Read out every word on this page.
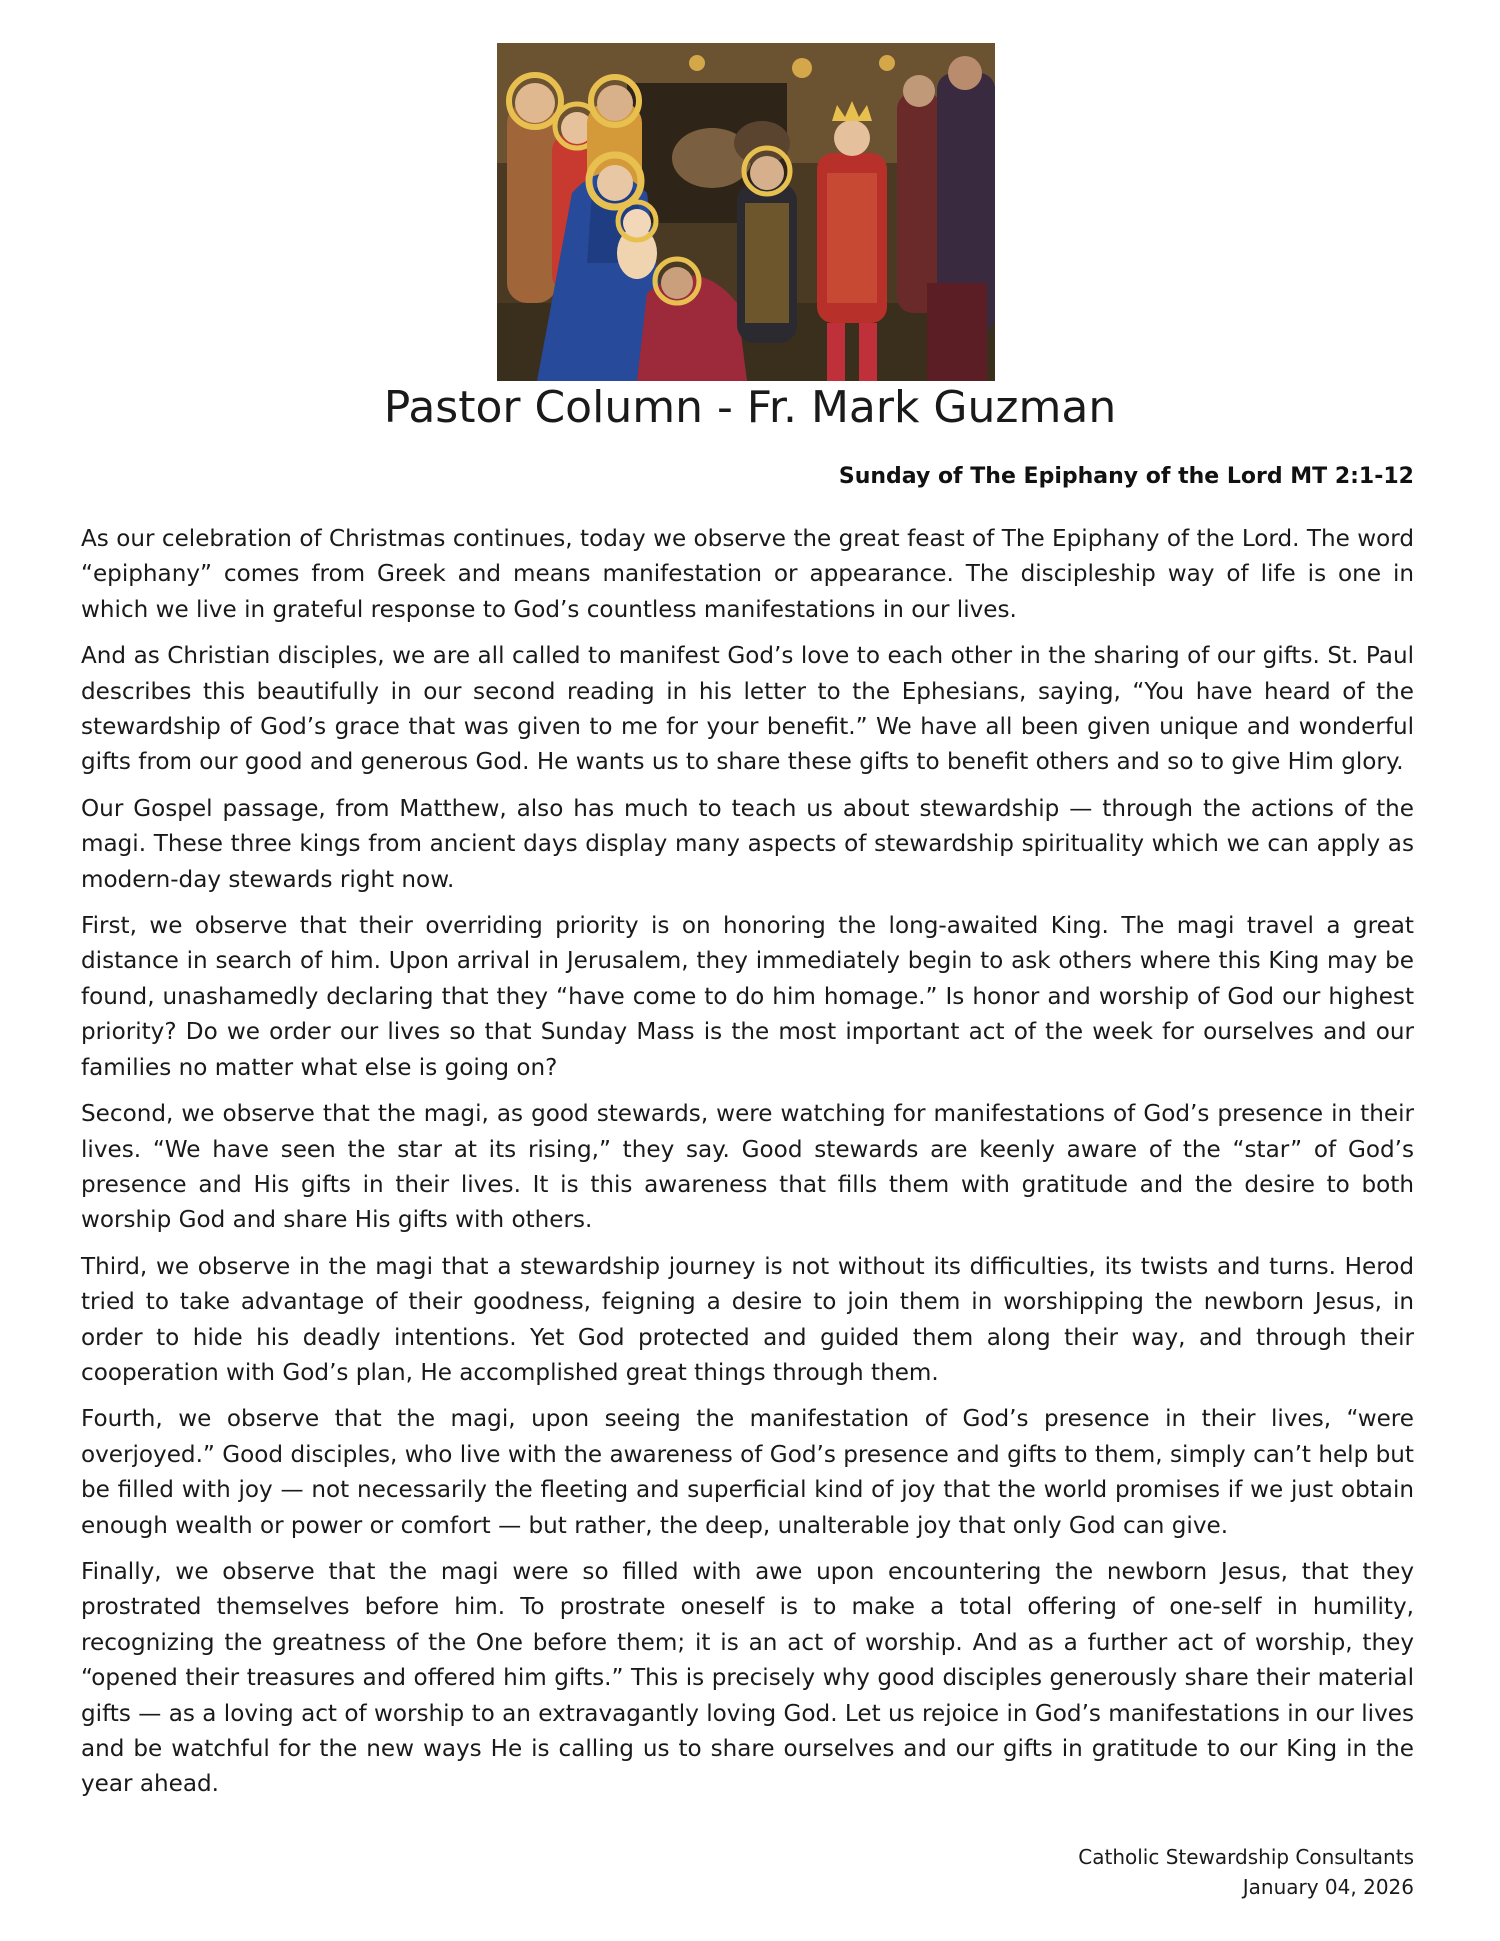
Pastor Column - Fr. Mark Guzman
Sunday of The Epiphany of the Lord MT 2:1-12

As our celebration of Christmas continues, today we observe the great feast of The Epiphany of the Lord. The word “epiphany” comes from Greek and means manifestation or appearance. The discipleship way of life is one in which we live in grateful response to God’s countless manifestations in our lives.

And as Christian disciples, we are all called to manifest God’s love to each other in the sharing of our gifts. St. Paul describes this beautifully in our second reading in his letter to the Ephesians, saying, “You have heard of the stewardship of God’s grace that was given to me for your benefit.” We have all been given unique and wonderful gifts from our good and generous God. He wants us to share these gifts to benefit others and so to give Him glory.

Our Gospel passage, from Matthew, also has much to teach us about stewardship — through the actions of the magi. These three kings from ancient days display many aspects of stewardship spirituality which we can apply as modern-day stewards right now.

First, we observe that their overriding priority is on honoring the long-awaited King. The magi travel a great distance in search of him. Upon arrival in Jerusalem, they immediately begin to ask others where this King may be found, unashamedly declaring that they “have come to do him homage.” Is honor and worship of God our highest priority? Do we order our lives so that Sunday Mass is the most important act of the week for ourselves and our families no matter what else is going on?

Second, we observe that the magi, as good stewards, were watching for manifestations of God’s presence in their lives. “We have seen the star at its rising,” they say. Good stewards are keenly aware of the “star” of God’s presence and His gifts in their lives. It is this awareness that fills them with gratitude and the desire to both worship God and share His gifts with others.

Third, we observe in the magi that a stewardship journey is not without its difficulties, its twists and turns. Herod tried to take advantage of their goodness, feigning a desire to join them in worshipping the newborn Jesus, in order to hide his deadly intentions. Yet God protected and guided them along their way, and through their cooperation with God’s plan, He accomplished great things through them.

Fourth, we observe that the magi, upon seeing the manifestation of God’s presence in their lives, “were overjoyed.” Good disciples, who live with the awareness of God’s presence and gifts to them, simply can’t help but be filled with joy — not necessarily the fleeting and superficial kind of joy that the world promises if we just obtain enough wealth or power or comfort — but rather, the deep, unalterable joy that only God can give.

Finally, we observe that the magi were so filled with awe upon encountering the newborn Jesus, that they prostrated themselves before him. To prostrate oneself is to make a total offering of one-self in humility, recognizing the greatness of the One before them; it is an act of worship. And as a further act of worship, they “opened their treasures and offered him gifts.” This is precisely why good disciples generously share their material gifts — as a loving act of worship to an extravagantly loving God. Let us rejoice in God’s manifestations in our lives and be watchful for the new ways He is calling us to share ourselves and our gifts in gratitude to our King in the year ahead.

Catholic Stewardship Consultants
January 04, 2026
